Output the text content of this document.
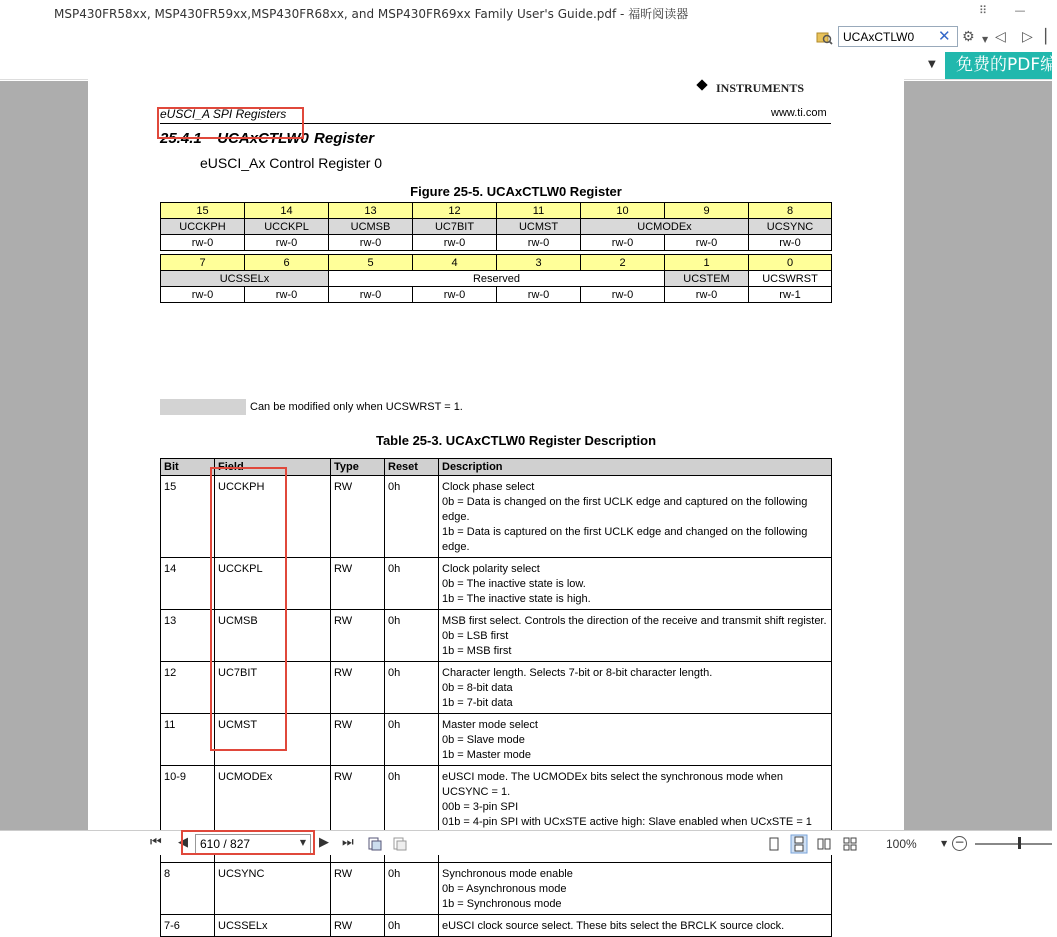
MSP430FR58xx, MSP430FR59xx,MSP430FR68xx, and MSP430FR69xx Family User's Guide.pdf - 福昕阅读器	⠿	—
UCAxCTLW0
✕ ⚙ ▼ ◁ ▷ ▏
▼	免费的PDF编
INSTRUMENTS
eUSCI_A SPI Registers	www.ti.com
25.4.1   UCAxCTLW0 Register
eUSCI_Ax Control Register 0
Figure 25-5. UCAxCTLW0 Register
15	14	13	12	11	10	9	8
UCCKPH	UCCKPL	UCMSB	UC7BIT	UCMST	UCMODEx		UCSYNC
rw-0	rw-0	rw-0	rw-0	rw-0	rw-0	rw-0	rw-0
7	6	5	4	3	2	1	0
UCSSELx		Reserved				UCSTEM	UCSWRST
rw-0	rw-0	rw-0	rw-0	rw-0	rw-0	rw-0	rw-1
Can be modified only when UCSWRST = 1.
Table 25-3. UCAxCTLW0 Register Description
Bit	Field	Type	Reset	Description
15	UCCKPH	RW	0h	Clock phase select

0b = Data is changed on the first UCLK edge and captured on the following edge.

1b = Data is captured on the first UCLK edge and changed on the following edge.

14	UCCKPL	RW	0h	Clock polarity select

0b = The inactive state is low.

1b = The inactive state is high.

13	UCMSB	RW	0h	MSB first select. Controls the direction of the receive and transmit shift register.

0b = LSB first

1b = MSB first

12	UC7BIT	RW	0h	Character length. Selects 7-bit or 8-bit character length.

0b = 8-bit data

1b = 7-bit data

11	UCMST	RW	0h	Master mode select

0b = Slave mode

1b = Master mode

10-9	UCMODEx	RW	0h	eUSCI mode. The UCMODEx bits select the synchronous mode when UCSYNC = 1.

00b = 3-pin SPI

01b = 4-pin SPI with UCxSTE active high: Slave enabled when UCxSTE = 1

8	UCSYNC	RW	0h	Synchronous mode enable

0b = Asynchronous mode

1b = Synchronous mode

7-6	UCSSELx	RW	0h	eUSCI clock source select. These bits select the BRCLK source clock.

⏮ ◀	610 / 827	▼ ▶ ⏭	100%	▼ −
